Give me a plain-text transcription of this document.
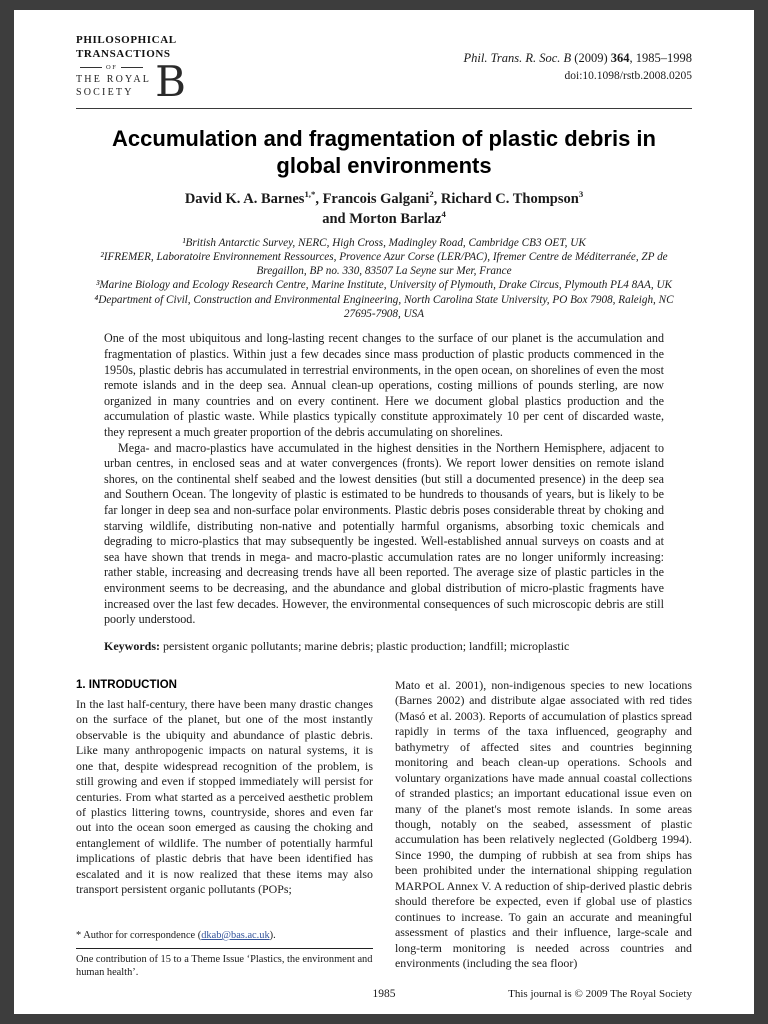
PHILOSOPHICAL
TRANSACTIONS
OF
THE ROYAL
SOCIETY B	Phil. Trans. R. Soc. B (2009) 364, 1985–1998
doi:10.1098/rstb.2008.0205
Accumulation and fragmentation of plastic debris in global environments
David K. A. Barnes$^{1,*}$, Francois Galgani$^2$, Richard C. Thompson$^3$
and Morton Barlaz$^4$

¹British Antarctic Survey, NERC, High Cross, Madingley Road, Cambridge CB3 OET, UK

²IFREMER, Laboratoire Environnement Ressources, Provence Azur Corse (LER/PAC), Ifremer Centre de Méditerranée, ZP de Bregaillon, BP no. 330, 83507 La Seyne sur Mer, France

³Marine Biology and Ecology Research Centre, Marine Institute, University of Plymouth, Drake Circus, Plymouth PL4 8AA, UK

⁴Department of Civil, Construction and Environmental Engineering, North Carolina State University, PO Box 7908, Raleigh, NC 27695-7908, USA

One of the most ubiquitous and long-lasting recent changes to the surface of our planet is the accumulation and fragmentation of plastics. Within just a few decades since mass production of plastic products commenced in the 1950s, plastic debris has accumulated in terrestrial environments, in the open ocean, on shorelines of even the most remote islands and in the deep sea. Annual clean-up operations, costing millions of pounds sterling, are now organized in many countries and on every continent. Here we document global plastics production and the accumulation of plastic waste. While plastics typically constitute approximately 10 per cent of discarded waste, they represent a much greater proportion of the debris accumulating on shorelines.

Mega- and macro-plastics have accumulated in the highest densities in the Northern Hemisphere, adjacent to urban centres, in enclosed seas and at water convergences (fronts). We report lower densities on remote island shores, on the continental shelf seabed and the lowest densities (but still a documented presence) in the deep sea and Southern Ocean. The longevity of plastic is estimated to be hundreds to thousands of years, but is likely to be far longer in deep sea and non-surface polar environments. Plastic debris poses considerable threat by choking and starving wildlife, distributing non-native and potentially harmful organisms, absorbing toxic chemicals and degrading to micro-plastics that may subsequently be ingested. Well-established annual surveys on coasts and at sea have shown that trends in mega- and macro-plastic accumulation rates are no longer uniformly increasing: rather stable, increasing and decreasing trends have all been reported. The average size of plastic particles in the environment seems to be decreasing, and the abundance and global distribution of micro-plastic fragments have increased over the last few decades. However, the environmental consequences of such microscopic debris are still poorly understood.

Keywords: persistent organic pollutants; marine debris; plastic production; landfill; microplastic
1. INTRODUCTION

In the last half-century, there have been many drastic changes on the surface of the planet, but one of the most instantly observable is the ubiquity and abundance of plastic debris. Like many anthropogenic impacts on natural systems, it is one that, despite widespread recognition of the problem, is still growing and even if stopped immediately will persist for centuries. From what started as a perceived aesthetic problem of plastics littering towns, countryside, shores and even far out into the ocean soon emerged as causing the choking and entanglement of wildlife. The number of potentially harmful implications of plastic debris that have been identified has escalated and it is now realized that these items may also transport persistent organic pollutants (POPs;

* Author for correspondence (dkab@bas.ac.uk).

One contribution of 15 to a Theme Issue ‘Plastics, the environment and human health’.

Mato et al. 2001), non-indigenous species to new locations (Barnes 2002) and distribute algae associated with red tides (Masó et al. 2003). Reports of accumulation of plastics spread rapidly in terms of the taxa influenced, geography and bathymetry of affected sites and countries beginning monitoring and beach clean-up operations. Schools and voluntary organizations have made annual coastal collections of stranded plastics; an important educational issue even on many of the planet's most remote islands. In some areas though, notably on the seabed, assessment of plastic accumulation has been relatively neglected (Goldberg 1994). Since 1990, the dumping of rubbish at sea from ships has been prohibited under the international shipping regulation MARPOL Annex V. A reduction of ship-derived plastic debris should therefore be expected, even if global use of plastics continues to increase. To gain an accurate and meaningful assessment of plastics and their influence, large-scale and long-term monitoring is needed across countries and environments (including the sea floor)

1985	This journal is © 2009 The Royal Society
